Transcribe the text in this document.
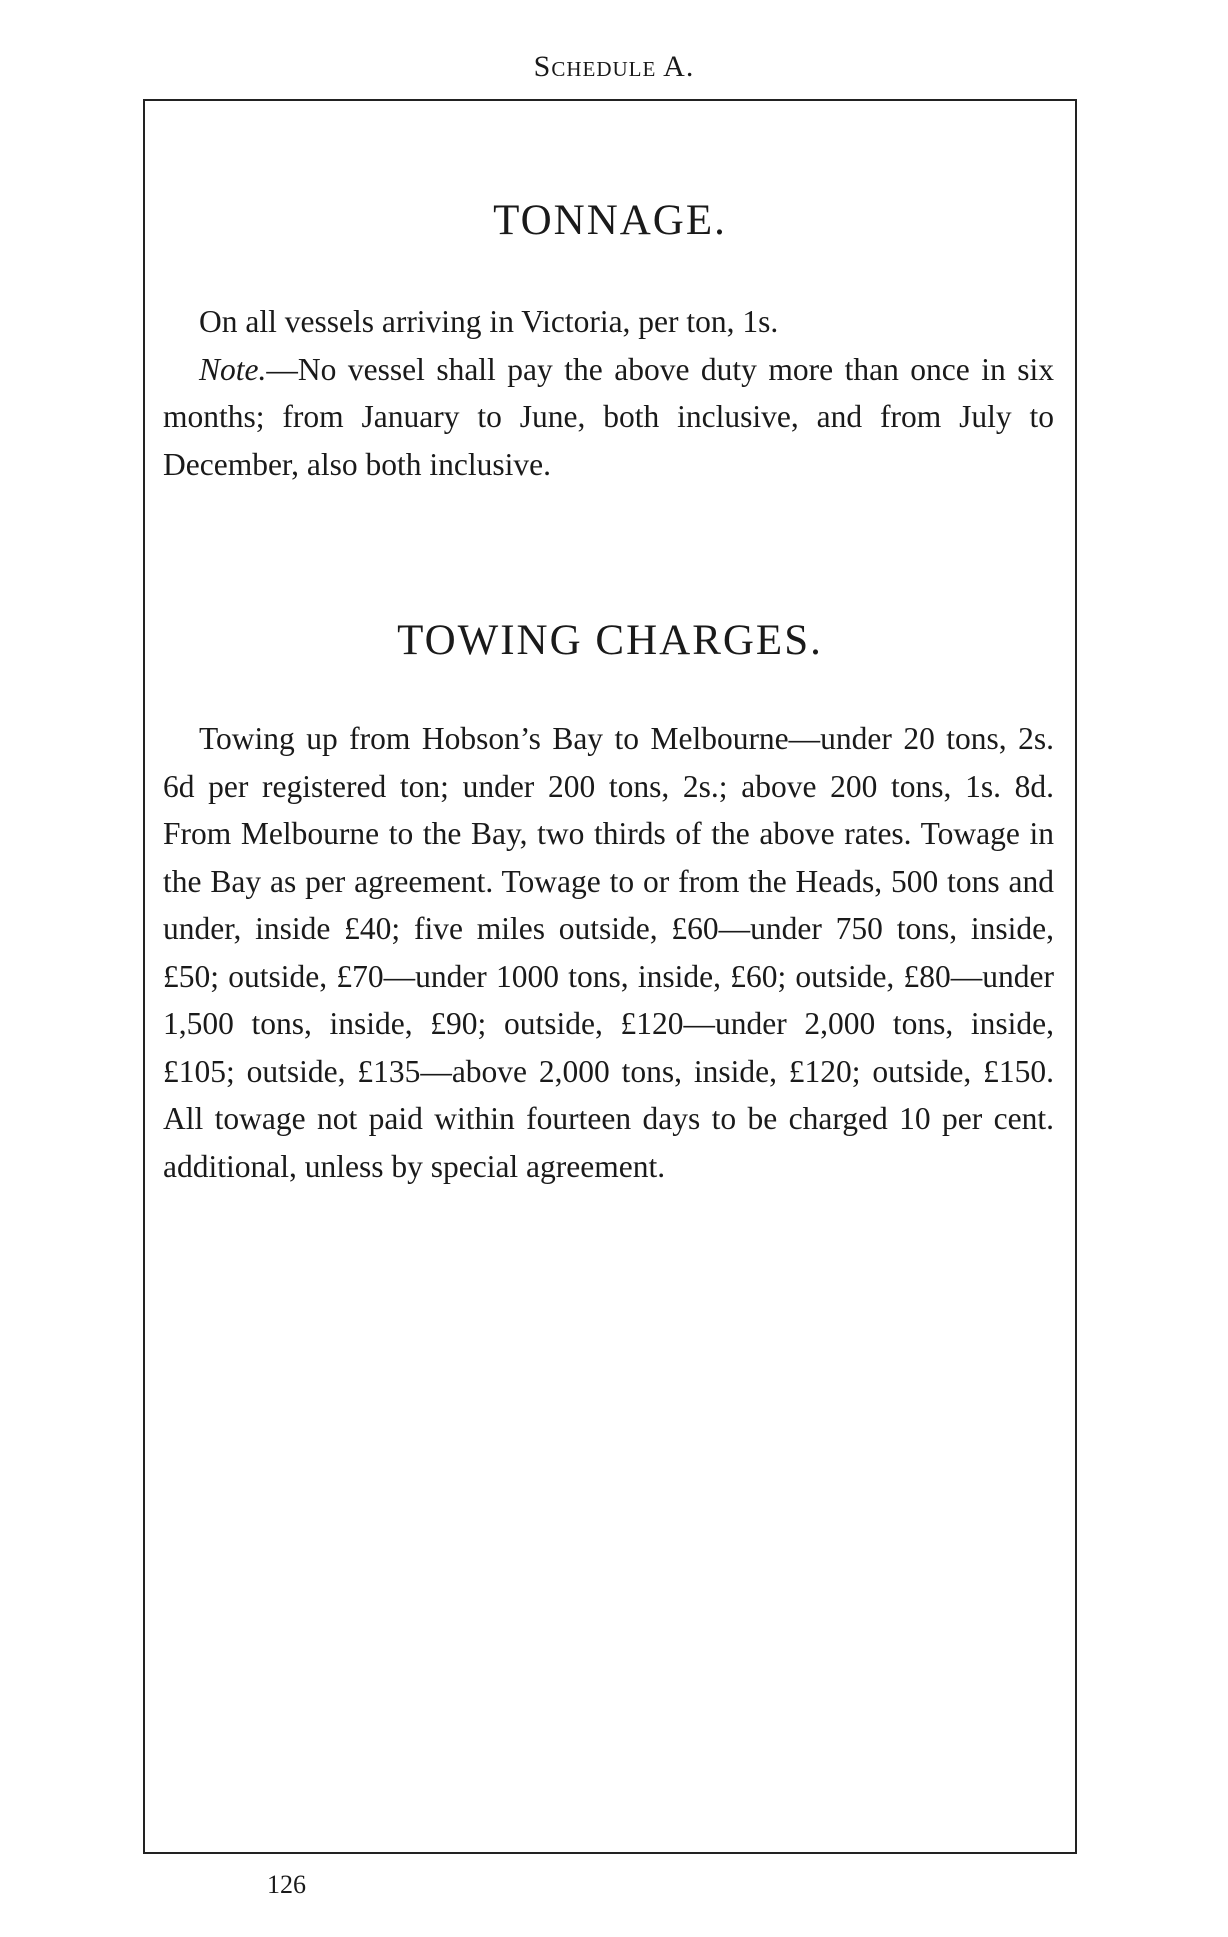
Schedule A.
TONNAGE.

On all vessels arriving in Victoria, per ton, 1s.

Note.—No vessel shall pay the above duty more than once in six months; from January to June, both inclusive, and from July to December, also both inclusive.

TOWING CHARGES.

Towing up from Hobson’s Bay to Melbourne—under 20 tons, 2s. 6d per registered ton; under 200 tons, 2s.; above 200 tons, 1s. 8d. From Melbourne to the Bay, two thirds of the above rates. Towage in the Bay as per agreement. Towage to or from the Heads, 500 tons and under, inside £40; five miles outside, £60—under 750 tons, inside, £50; outside, £70—under 1000 tons, inside, £60; outside, £80—under 1,500 tons, inside, £90; outside, £120—under 2,000 tons, inside, £105; outside, £135—above 2,000 tons, inside, £120; outside, £150. All towage not paid within fourteen days to be charged 10 per cent. additional, unless by special agreement.

126
